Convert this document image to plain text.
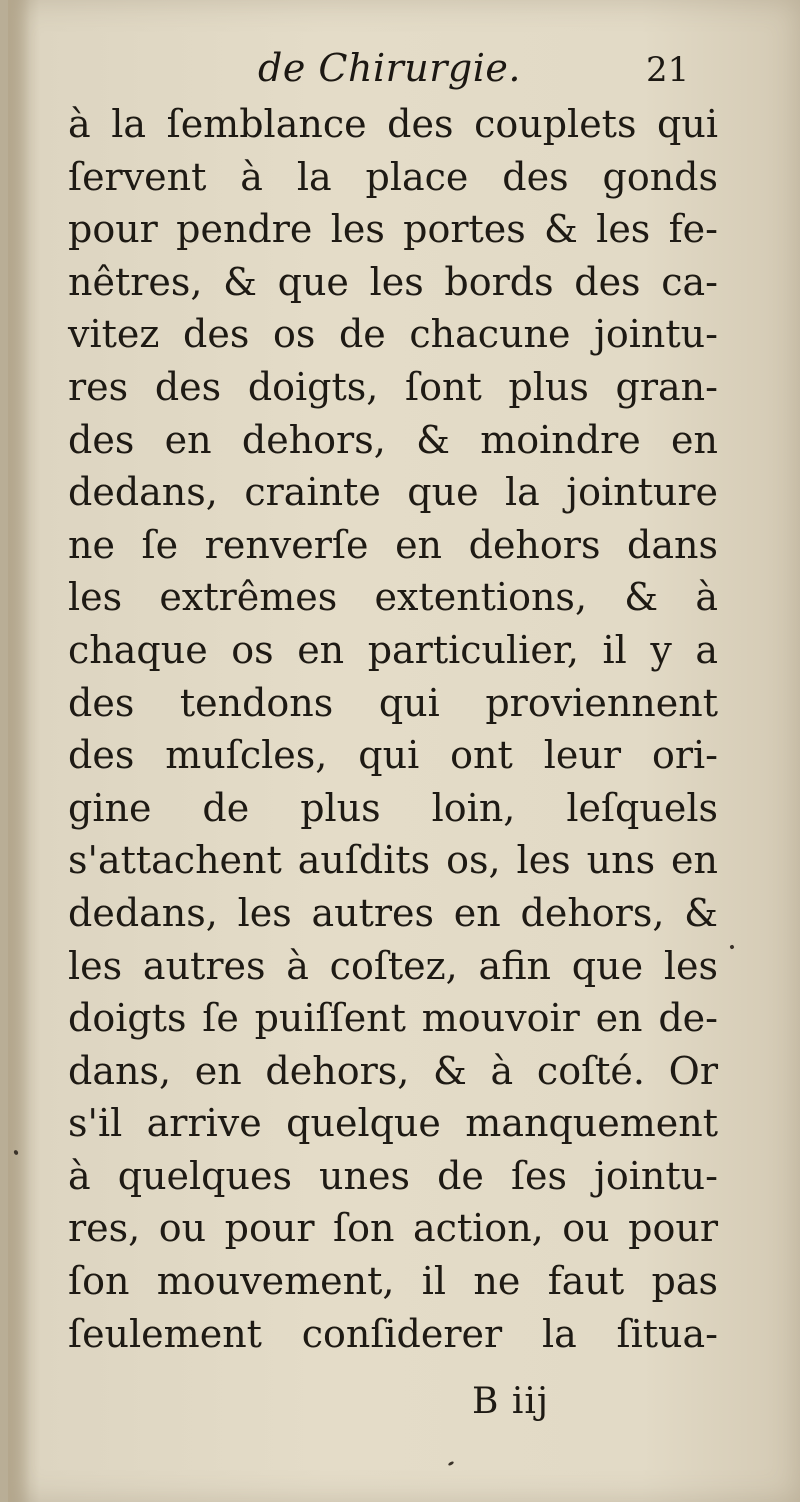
de Chirurgie.	21
à la ſemblance des couplets qui
ſervent à la place des gonds
pour pendre les portes & les fe-
nêtres, & que les bords des ca-
vitez des os de chacune jointu-
res des doigts, ſont plus gran-
des en dehors, & moindre en
dedans, crainte que la jointure
ne ſe renverſe en dehors dans
les extrêmes extentions, & à
chaque os en particulier, il y a
des tendons qui proviennent
des muſcles, qui ont leur ori-
gine de plus loin, leſquels
s'attachent auſdits os, les uns en
dedans, les autres en dehors, &
les autres à coſtez, afin que les
doigts ſe puiſſent mouvoir en de-
dans, en dehors, & à coſté. Or
s'il arrive quelque manquement
à quelques unes de ſes jointu-
res, ou pour ſon action, ou pour
ſon mouvement, il ne faut pas
ſeulement conſiderer la ſitua-
B iij
